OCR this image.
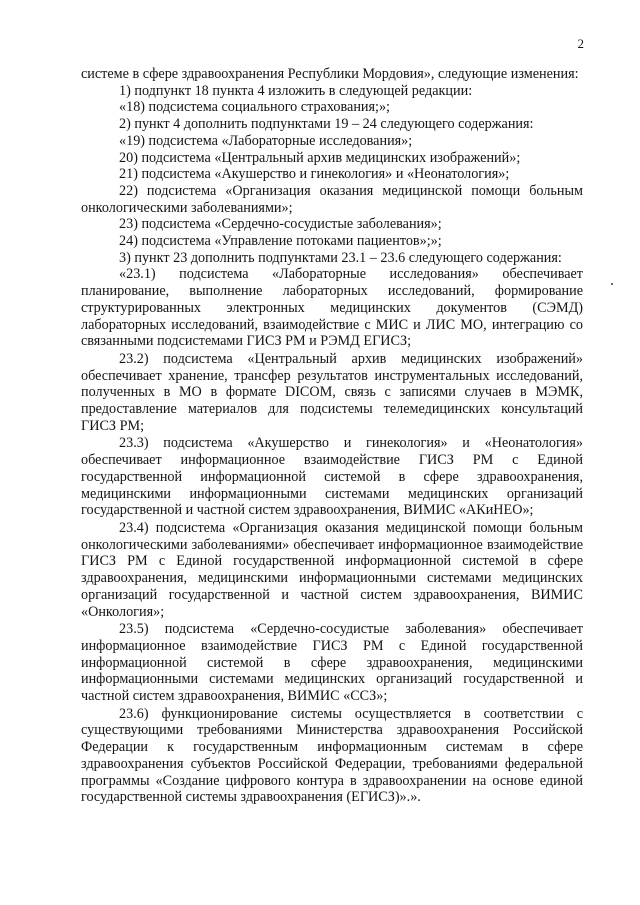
2

системе в сфере здравоохранения Республики Мордовия», следующие изменения:

1) подпункт 18 пункта 4 изложить в следующей редакции:

«18) подсистема социального страхования;»;

2) пункт 4 дополнить подпунктами 19 – 24 следующего содержания:

«19) подсистема «Лабораторные исследования»;

20) подсистема «Центральный архив медицинских изображений»;

21) подсистема «Акушерство и гинекология» и «Неонатология»;

22) подсистема «Организация оказания медицинской помощи больным онкологическими заболеваниями»;

23) подсистема «Сердечно-сосудистые заболевания»;

24) подсистема «Управление потоками пациентов»;»;

3) пункт 23 дополнить подпунктами 23.1 – 23.6 следующего содержания:

«23.1) подсистема «Лабораторные исследования» обеспечивает планирование, выполнение лабораторных исследований, формирование структурированных электронных медицинских документов (СЭМД) лабораторных исследований, взаимодействие с МИС и ЛИС МО, интеграцию со связанными подсистемами ГИСЗ РМ и РЭМД ЕГИСЗ;

23.2) подсистема «Центральный архив медицинских изображений» обеспечивает хранение, трансфер результатов инструментальных исследований, полученных в МО в формате DICOM, связь с записями случаев в МЭМК, предоставление материалов для подсистемы телемедицинских консультаций ГИСЗ РМ;

23.3) подсистема «Акушерство и гинекология» и «Неонатология» обеспечивает информационное взаимодействие ГИСЗ РМ с Единой государственной информационной системой в сфере здравоохранения, медицинскими информационными системами медицинских организаций государственной и частной систем здравоохранения, ВИМИС «АКиНЕО»;

23.4) подсистема «Организация оказания медицинской помощи больным онкологическими заболеваниями» обеспечивает информационное взаимодействие ГИСЗ РМ с Единой государственной информационной системой в сфере здравоохранения, медицинскими информационными системами медицинских организаций государственной и частной систем здравоохранения, ВИМИС «Онкология»;

23.5) подсистема «Сердечно-сосудистые заболевания» обеспечивает информационное взаимодействие ГИСЗ РМ с Единой государственной информационной системой в сфере здравоохранения, медицинскими информационными системами медицинских организаций государственной и частной систем здравоохранения, ВИМИС «ССЗ»;

23.6) функционирование системы осуществляется в соответствии с существующими требованиями Министерства здравоохранения Российской Федерации к государственным информационным системам в сфере здравоохранения субъектов Российской Федерации, требованиями федеральной программы «Создание цифрового контура в здравоохранении на основе единой государственной системы здравоохранения (ЕГИСЗ)».».
